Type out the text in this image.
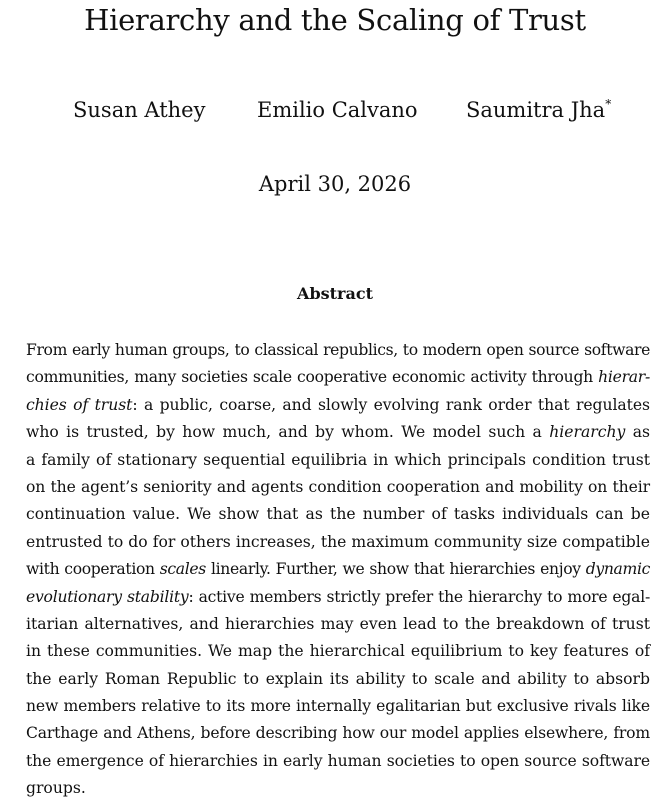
Hierarchy and the Scaling of Trust
Susan Athey Emilio Calvano Saumitra Jha*
April 30, 2026
Abstract
From early human groups, to classical republics, to modern open source software
communities, many societies scale cooperative economic activity through hierar-
chies of trust: a public, coarse, and slowly evolving rank order that regulates
who is trusted, by how much, and by whom. We model such a hierarchy as
a family of stationary sequential equilibria in which principals condition trust
on the agent’s seniority and agents condition cooperation and mobility on their
continuation value. We show that as the number of tasks individuals can be
entrusted to do for others increases, the maximum community size compatible
with cooperation scales linearly. Further, we show that hierarchies enjoy dynamic
evolutionary stability: active members strictly prefer the hierarchy to more egal-
itarian alternatives, and hierarchies may even lead to the breakdown of trust
in these communities. We map the hierarchical equilibrium to key features of
the early Roman Republic to explain its ability to scale and ability to absorb
new members relative to its more internally egalitarian but exclusive rivals like
Carthage and Athens, before describing how our model applies elsewhere, from
the emergence of hierarchies in early human societies to open source software
groups.
